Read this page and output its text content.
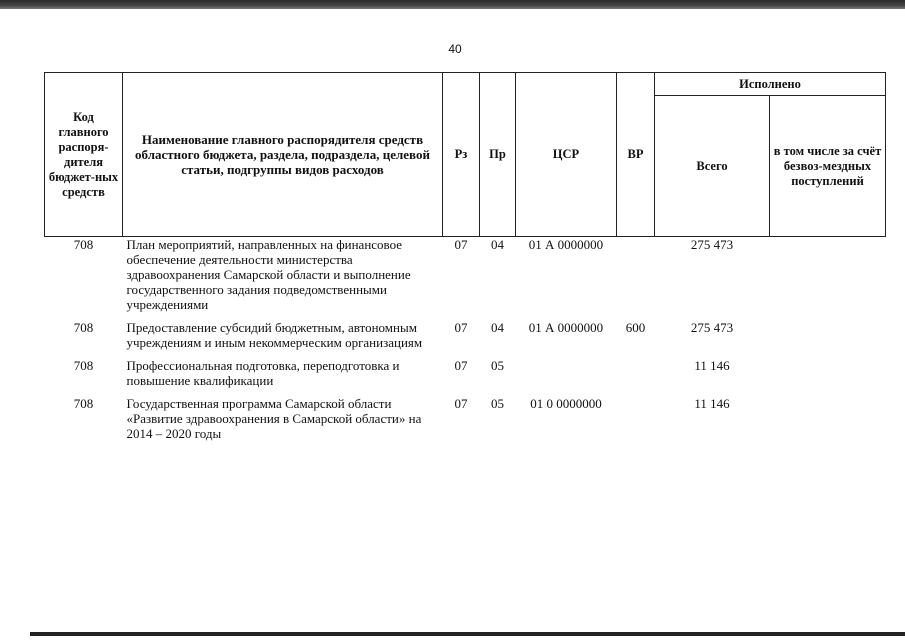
40
Код главного распоря-дителя бюджет-ных средств	Наименование главного распорядителя средств областного бюджета, раздела, подраздела, целевой статьи, подгруппы видов расходов	Рз	Пр	ЦСР	ВР	Исполнено	
						Всего	в том числе за счёт безвоз-мездных поступлений
708	План мероприятий, направленных на финансовое обеспечение деятельности министерства здравоохранения Самарской области и выполнение государственного задания подведомственными учреждениями	07	04	01 А 0000000		275 473	
708	Предоставление субсидий бюджетным, автономным учреждениям и иным некоммерческим организациям	07	04	01 А 0000000	600	275 473	
708	Профессиональная подготовка, переподготовка и повышение квалификации	07	05			11 146	
708	Государственная программа Самарской области «Развитие здравоохранения в Самарской области» на 2014 – 2020 годы	07	05	01 0 0000000		11 146	
